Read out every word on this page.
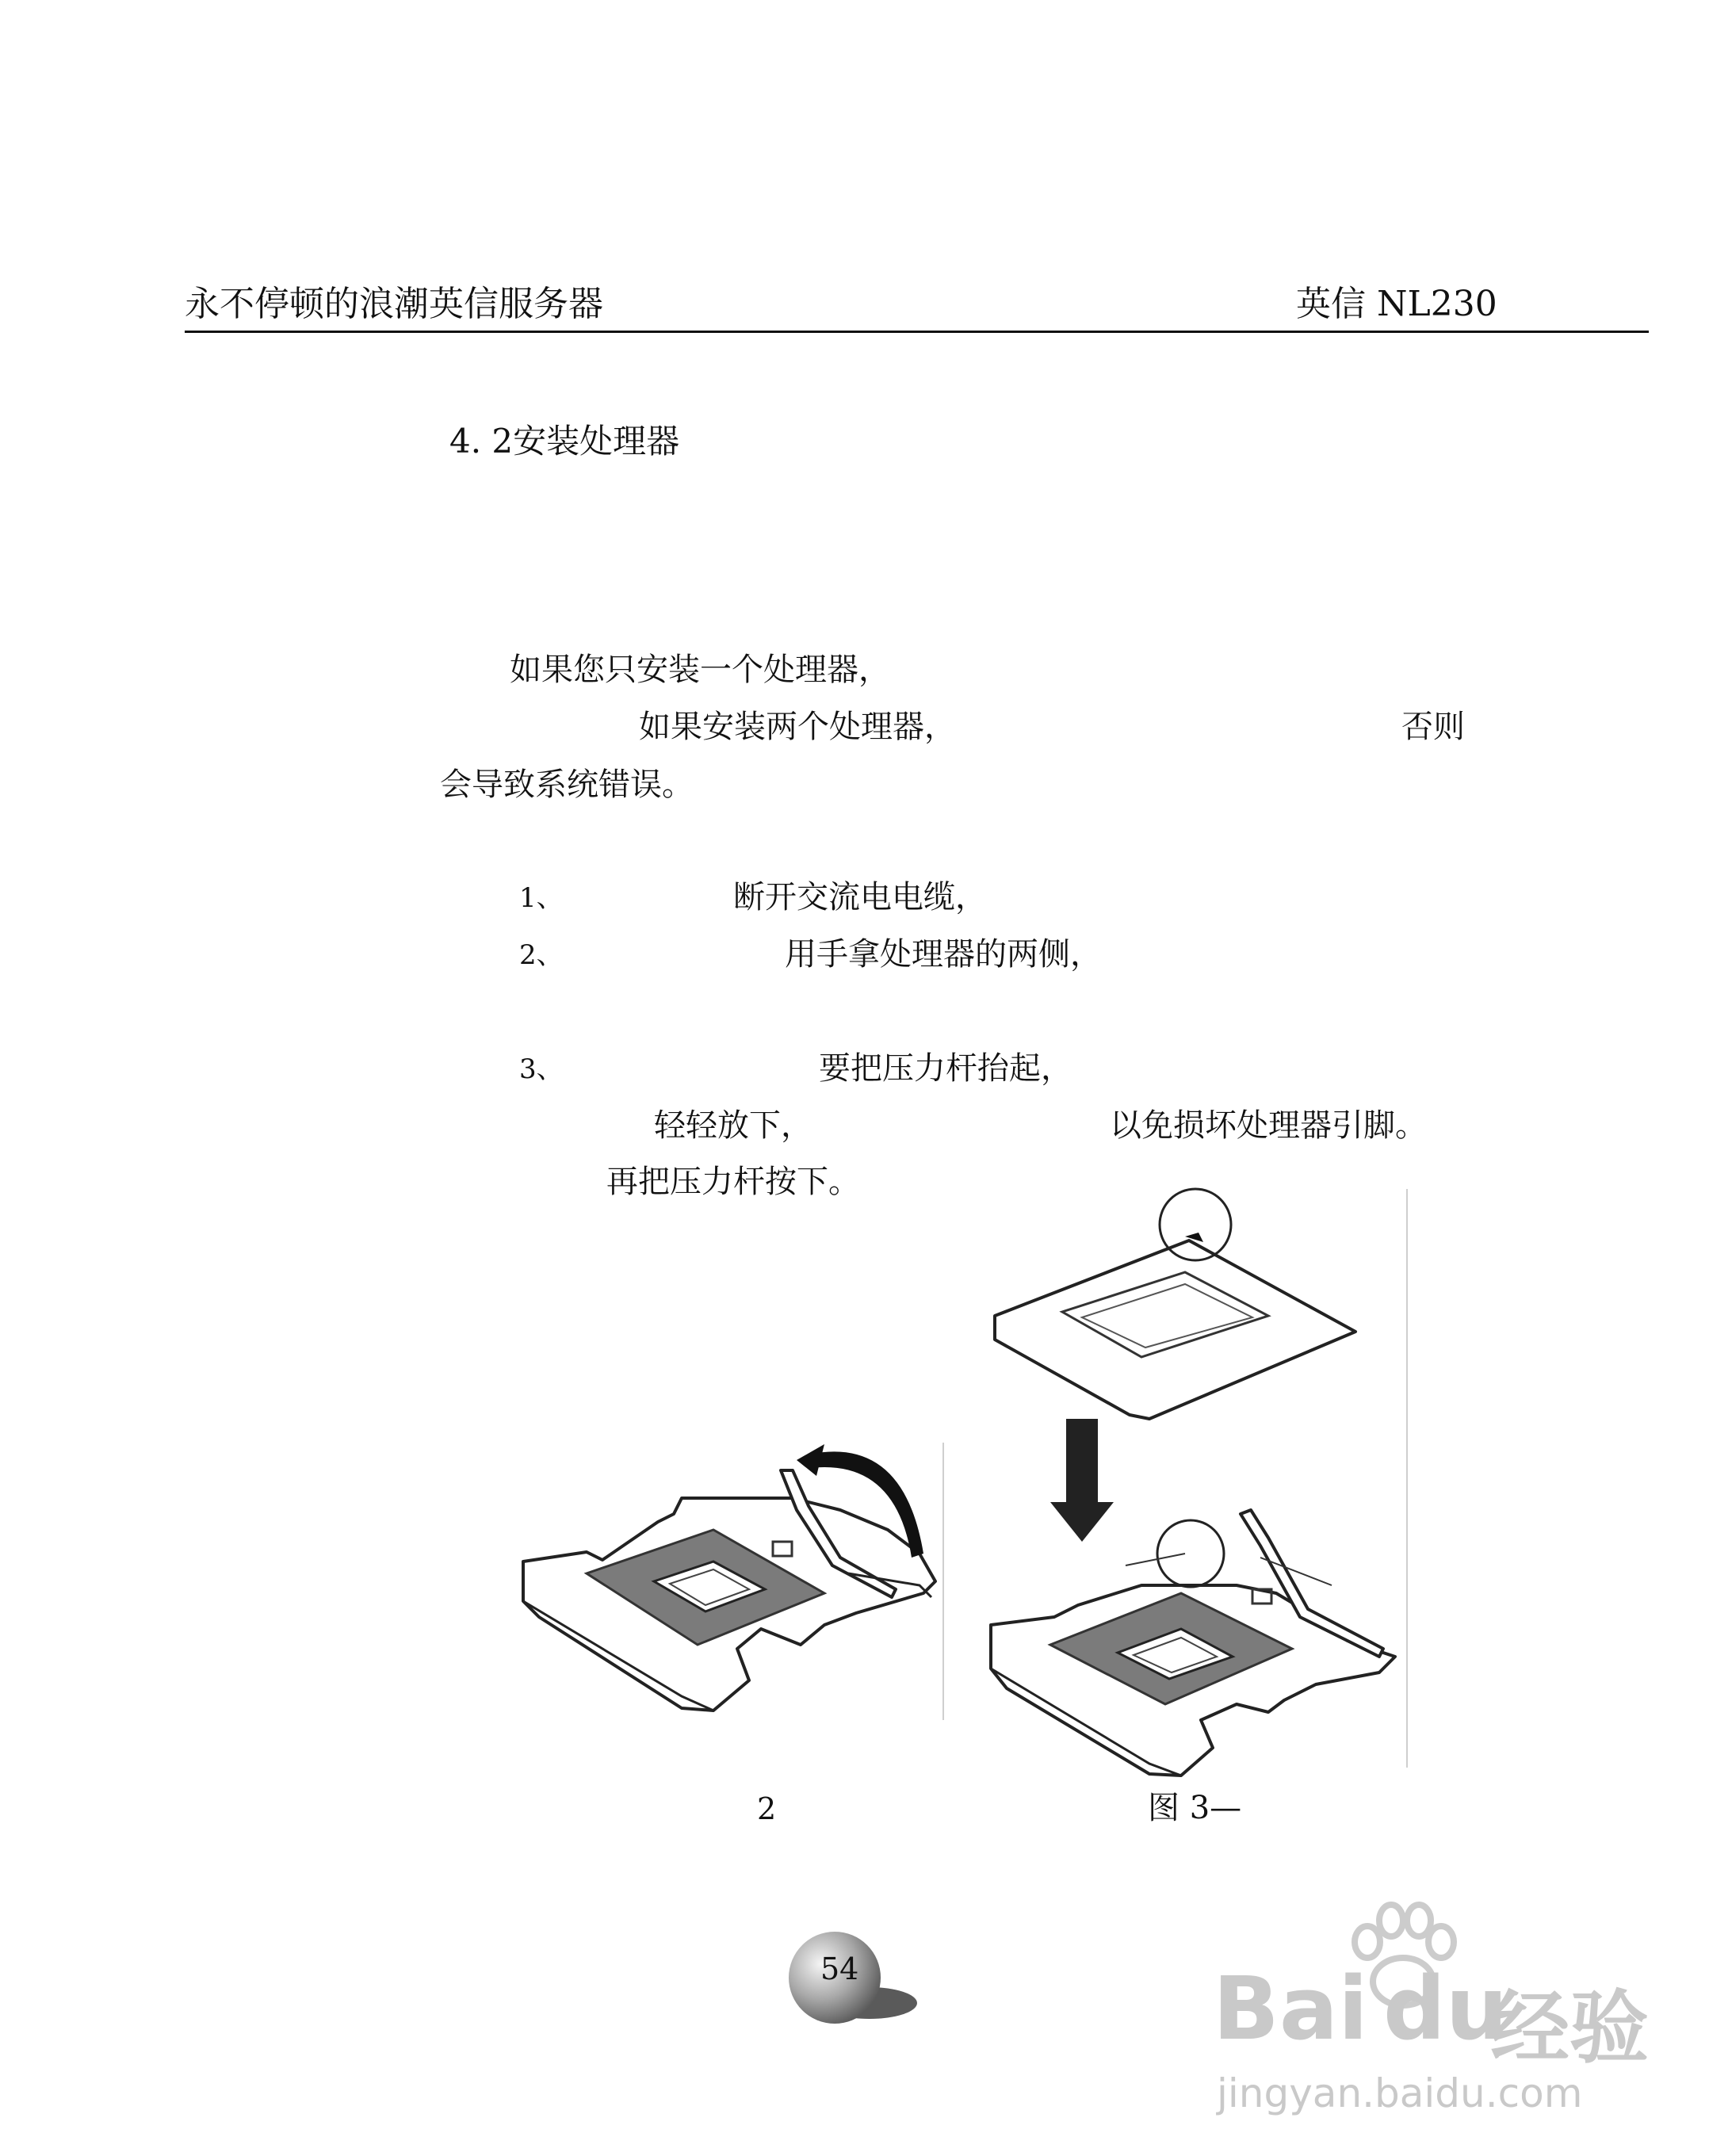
永不停顿的浪潮英信服务器	英信 NL230
4. 2安装处理器
如果您只安装一个处理器，
如果安装两个处理器，	否则
会导致系统错误。
1、	断开交流电电缆，
2、	用手拿处理器的两侧，
3、	要把压力杆抬起，
轻轻放下，	以免损坏处理器引脚。
再把压力杆按下。
2	图 3—
54	Bai du
经验
jingyan.baidu.com
